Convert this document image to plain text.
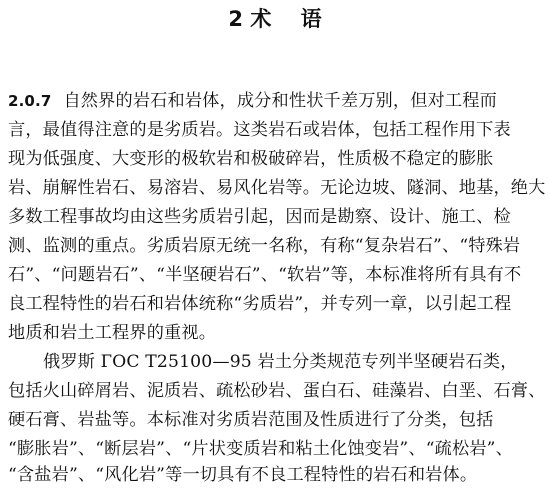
2 术    语
2.0.7 自然界的岩石和岩体，成分和性状千差万别，但对工程而
言，最值得注意的是劣质岩。这类岩石或岩体，包括工程作用下表
现为低强度、大变形的极软岩和极破碎岩，性质极不稳定的膨胀
岩、崩解性岩石、易溶岩、易风化岩等。无论边坡、隧洞、地基，绝大
多数工程事故均由这些劣质岩引起，因而是勘察、设计、施工、检
测、监测的重点。劣质岩原无统一名称，有称“复杂岩石”、“特殊岩
石”、“问题岩石”、“半坚硬岩石”、“软岩”等，本标准将所有具有不
良工程特性的岩石和岩体统称“劣质岩”，并专列一章，以引起工程
地质和岩土工程界的重视。
俄罗斯 ГОС T25100—95 岩土分类规范专列半坚硬岩石类，
包括火山碎屑岩、泥质岩、疏松砂岩、蛋白石、硅藻岩、白垩、石膏、
硬石膏、岩盐等。本标准对劣质岩范围及性质进行了分类，包括
“膨胀岩”、“断层岩”、“片状变质岩和粘土化蚀变岩”、“疏松岩”、
“含盐岩”、“风化岩”等一切具有不良工程特性的岩石和岩体。
